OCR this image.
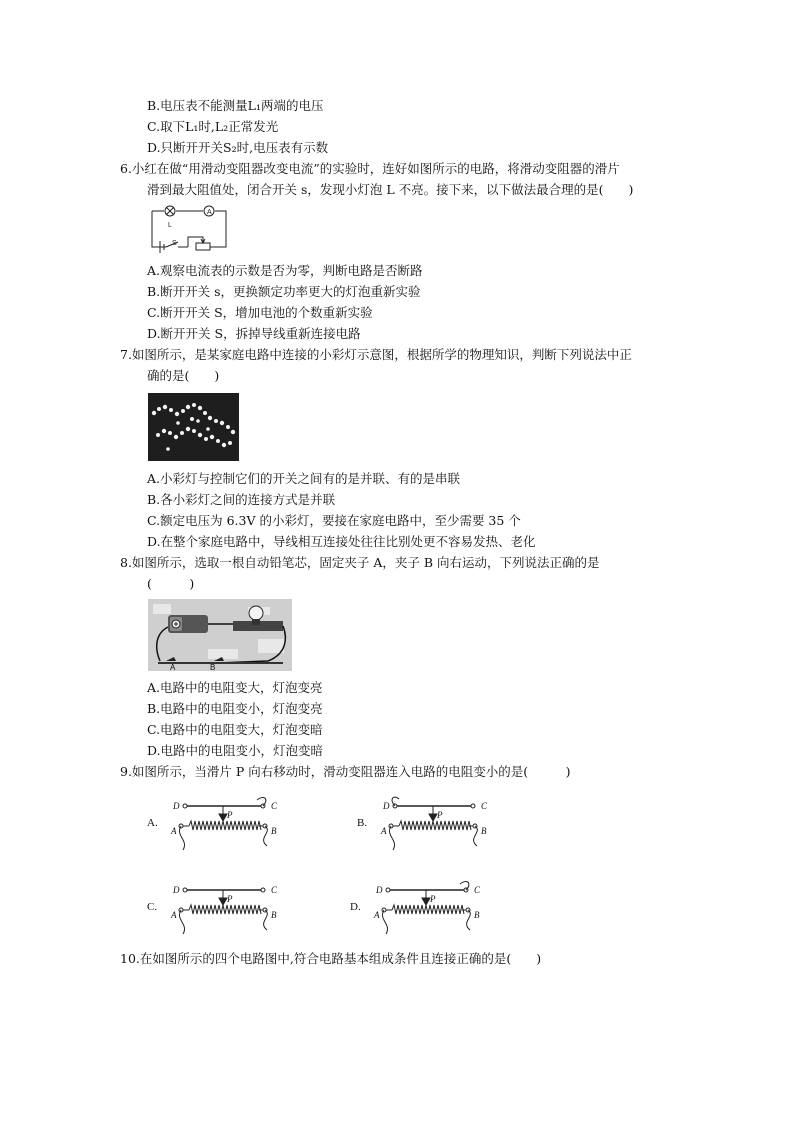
B.电压表不能测量L₁两端的电压
C.取下L₁时,L₂正常发光
D.只断开开关S₂时,电压表有示数
6.小红在做“用滑动变阻器改变电流”的实验时，连好如图所示的电路，将滑动变阻器的滑片
滑到最大阻值处，闭合开关 s，发现小灯泡 L 不亮。接下来，以下做法最合理的是(　　)
A
L
S
A.观察电流表的示数是否为零，判断电路是否断路
B.断开开关 s，更换额定功率更大的灯泡重新实验
C.断开开关 S，增加电池的个数重新实验
D.断开开关 S，拆掉导线重新连接电路
7.如图所示，是某家庭电路中连接的小彩灯示意图，根据所学的物理知识，判断下列说法中正
确的是(　　)
A.小彩灯与控制它们的开关之间有的是并联、有的是串联
B.各小彩灯之间的连接方式是并联
C.额定电压为 6.3V 的小彩灯，要接在家庭电路中，至少需要 35 个
D.在整个家庭电路中，导线相互连接处往往比别处更不容易发热、老化
8.如图所示，选取一根自动铅笔芯，固定夹子 A，夹子 B 向右运动，下列说法正确的是
(　　　)
A	B
A.电路中的电阻变大，灯泡变亮
B.电路中的电阻变小，灯泡变亮
C.电路中的电阻变大，灯泡变暗
D.电路中的电阻变小，灯泡变暗
9.如图所示，当滑片 P 向右移动时，滑动变阻器连入电路的电阻变小的是(　　　)
A.
D	C
A	B
P
B.
D	C
A	B
P
C.
D	C
A	B
P
D.
D	C
A	B
P
10.在如图所示的四个电路图中,符合电路基本组成条件且连接正确的是(　　)
